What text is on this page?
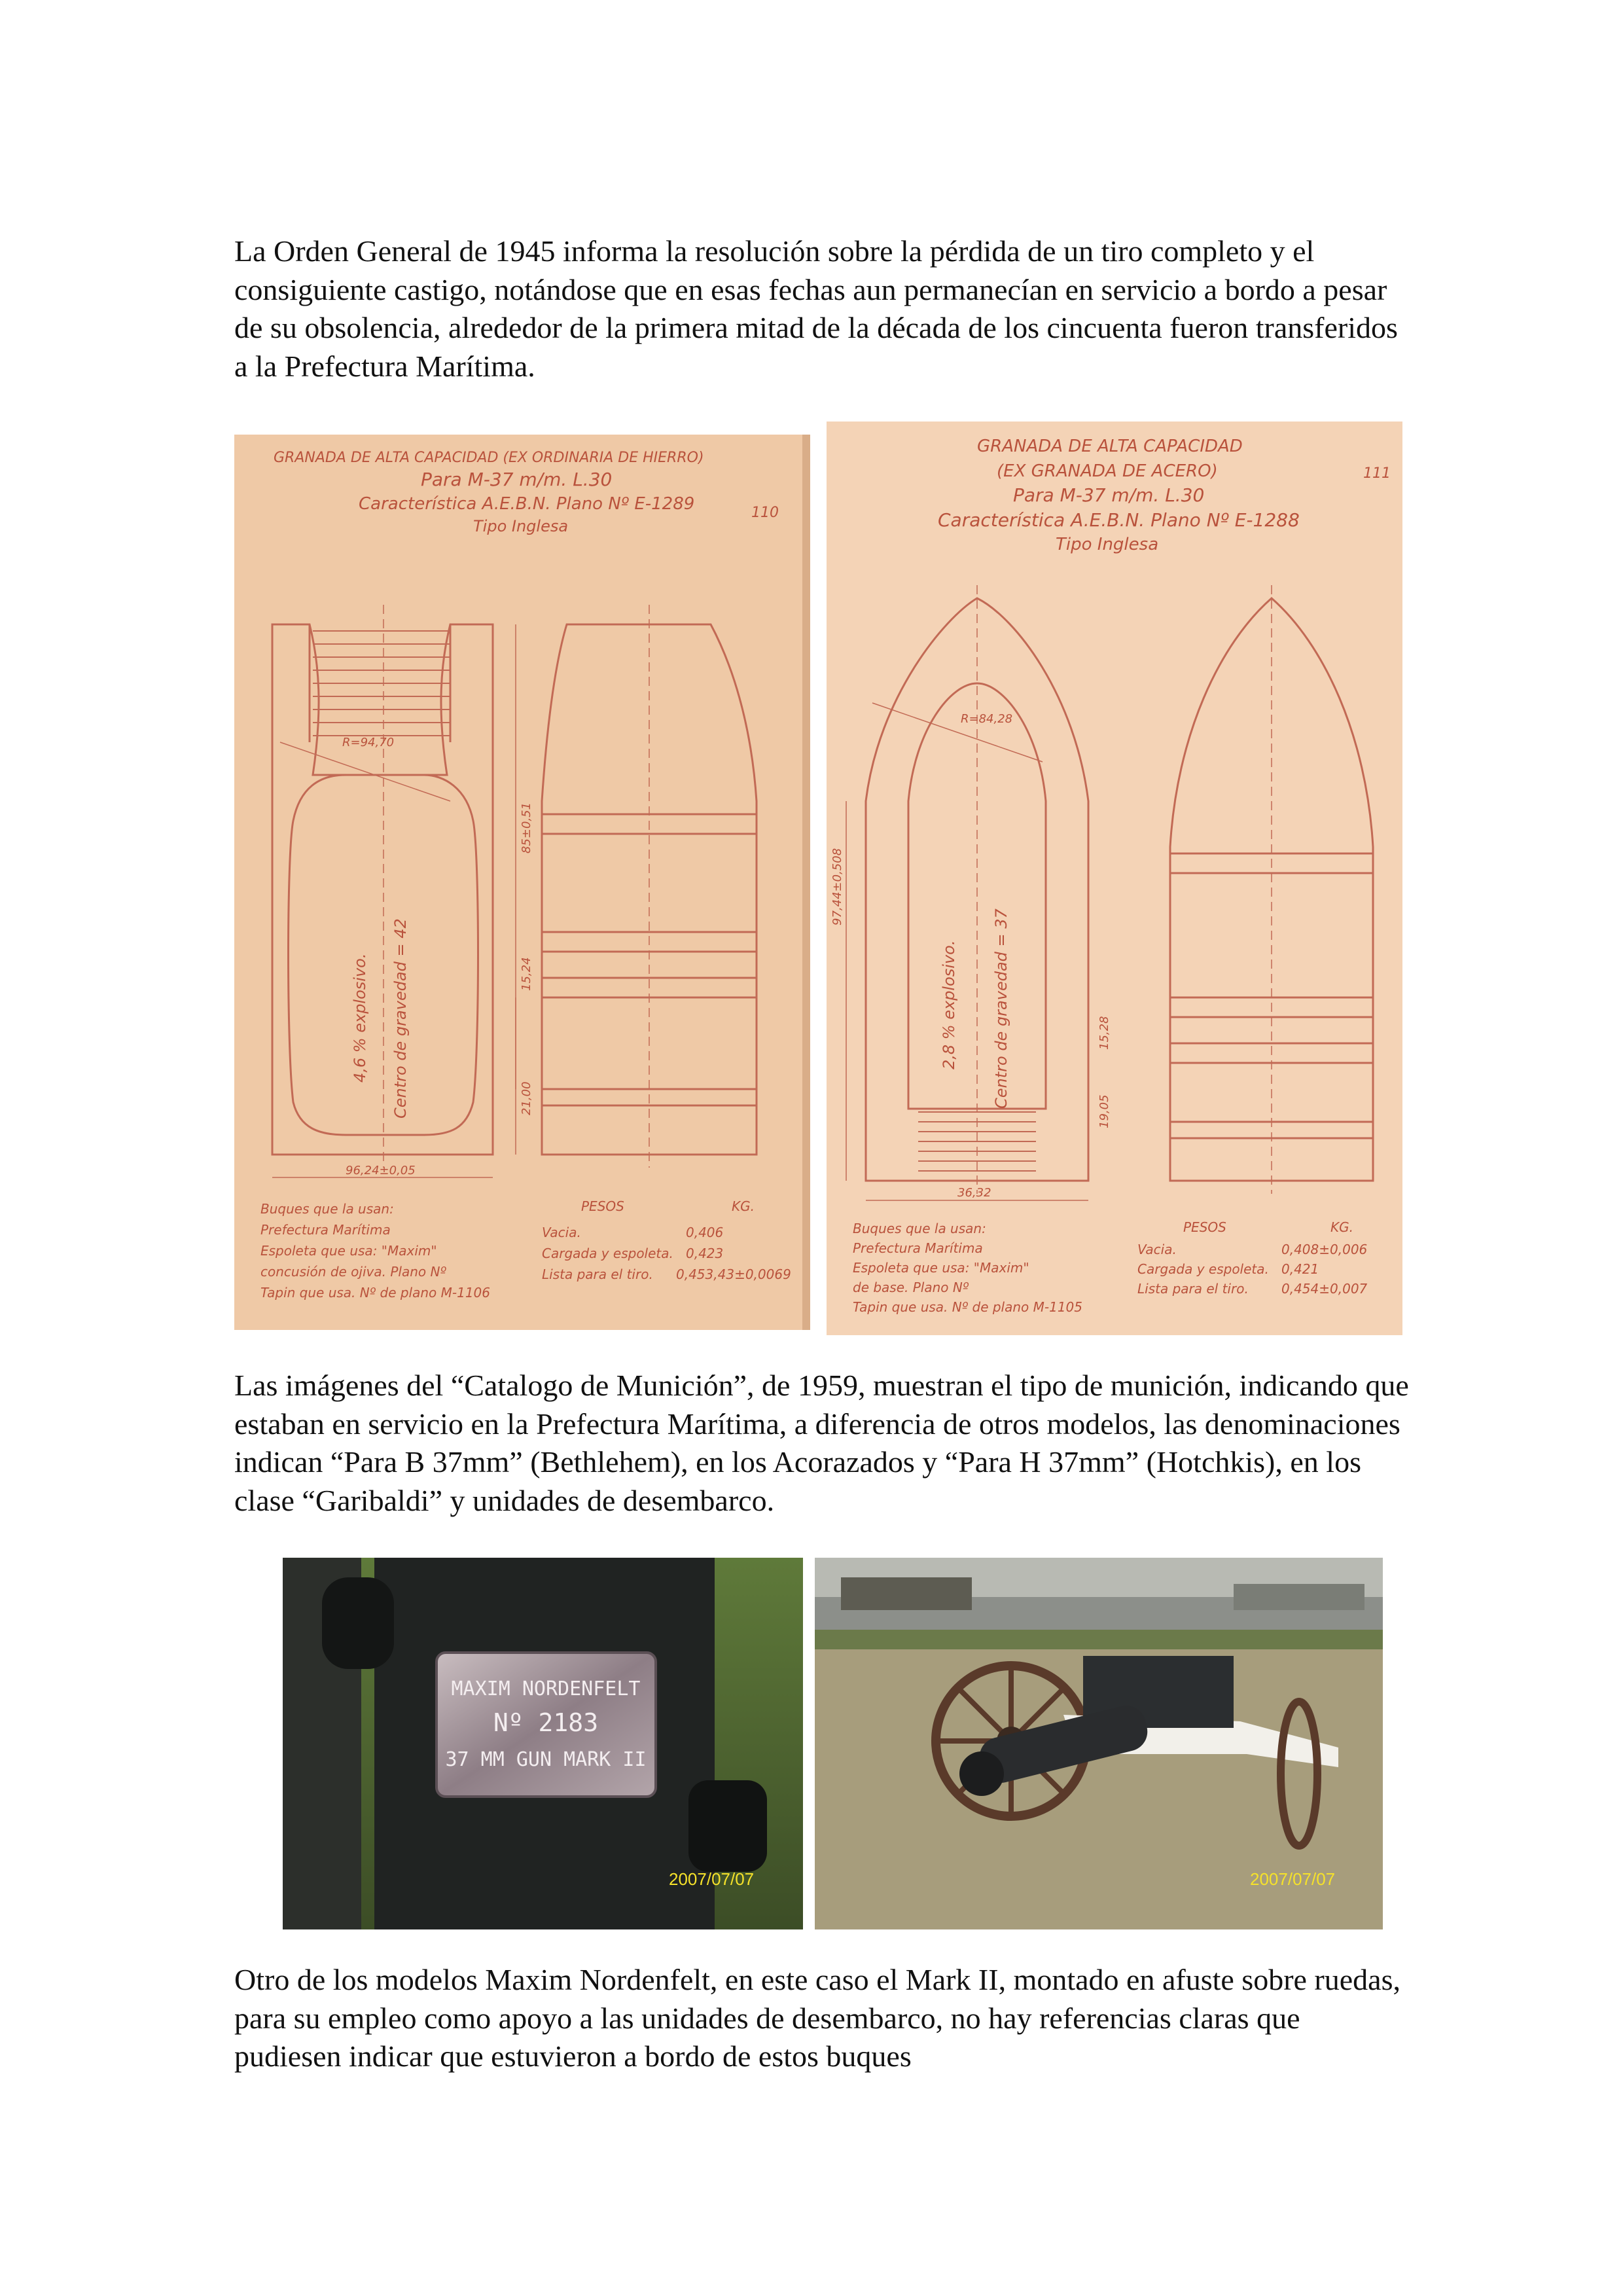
La Orden General de 1945 informa la resolución sobre la pérdida de un tiro completo y el consiguiente castigo, notándose que en esas fechas aun permanecían en servicio a bordo a pesar de su obsolencia, alrededor de la primera mitad de la década de los cincuenta fueron transferidos a la Prefectura Marítima.

GRANADA DE ALTA CAPACIDAD (EX ORDINARIA DE HIERRO)
Para M-37 m/m. L.30
Característica A.E.B.N. Plano Nº E-1289
Tipo Inglesa
110
R=94,70
96,24±0,05
85±0,51
15,24
21,00
4,6 % explosivo. Centro de gravedad = 42
Buques que la usan:
Prefectura Marítima
Espoleta que usa: "Maxim"
concusión de ojiva. Plano Nº
Tapin que usa. Nº de plano M-1106
PESOS	KG.
Vacia.	0,406
Cargada y espoleta. 0,423
Lista para el tiro. 0,453,43±0,0069
GRANADA DE ALTA CAPACIDAD
(EX GRANADA DE ACERO)
Para M-37 m/m. L.30
Característica A.E.B.N. Plano Nº E-1288
Tipo Inglesa
111
R=84,28
97,44±0,508
36,32
15,28
19,05
2,8 % explosivo. Centro de gravedad = 37
Buques que la usan:
Prefectura Marítima
Espoleta que usa: "Maxim"
de base. Plano Nº
Tapin que usa. Nº de plano M-1105
PESOS	KG.
Vacia.	0,408±0,006
Cargada y espoleta. 0,421
Lista para el tiro.	0,454±0,007

Las imágenes del “Catalogo de Munición”, de 1959, muestran el tipo de munición, indicando que estaban en servicio en la Prefectura Marítima, a diferencia de otros modelos, las denominaciones indican “Para B 37mm” (Bethlehem), en los Acorazados y “Para H 37mm” (Hotchkis), en los clase “Garibaldi” y unidades de desembarco.

MAXIM NORDENFELT
Nº 2183
37 MM GUN MARK II
2007/07/07	2007/07/07

Otro de los modelos Maxim Nordenfelt, en este caso el Mark II, montado en afuste sobre ruedas, para su empleo como apoyo a las unidades de desembarco, no hay referencias claras que pudiesen indicar que estuvieron a bordo de estos buques
